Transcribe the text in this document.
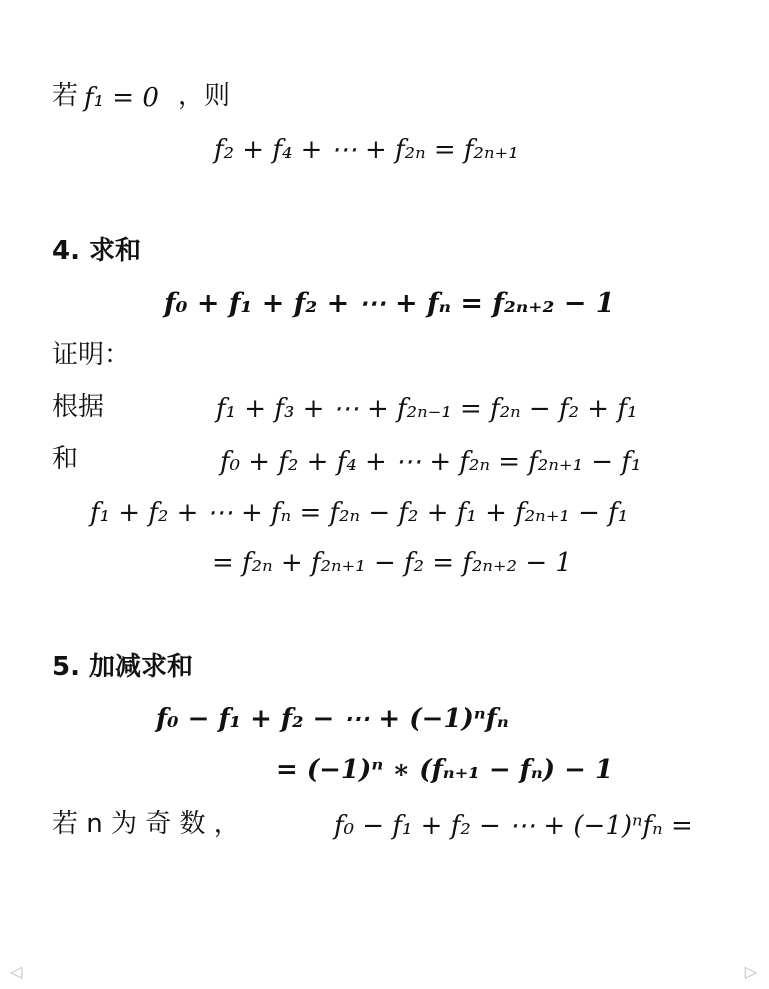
若 f₁ = 0 ，则
f₂ + f₄ + ⋯ + f₂ₙ = f₂ₙ₊₁
4. 求和
f₀ + f₁ + f₂ + ⋯ + fₙ = f₂ₙ₊₂ − 1
证明：
根据	f₁ + f₃ + ⋯ + f₂ₙ₋₁ = f₂ₙ − f₂ + f₁
和	f₀ + f₂ + f₄ + ⋯ + f₂ₙ = f₂ₙ₊₁ − f₁
f₁ + f₂ + ⋯ + fₙ = f₂ₙ − f₂ + f₁ + f₂ₙ₊₁ − f₁
= f₂ₙ + f₂ₙ₊₁ − f₂ = f₂ₙ₊₂ − 1
5. 加减求和
f₀ − f₁ + f₂ − ⋯ + (−1)ⁿfₙ
= (−1)ⁿ ∗ (fₙ₊₁ − fₙ) − 1
若 n 为 奇 数 ，	f₀ − f₁ + f₂ − ⋯ + (−1)ⁿfₙ =
◁	▷
